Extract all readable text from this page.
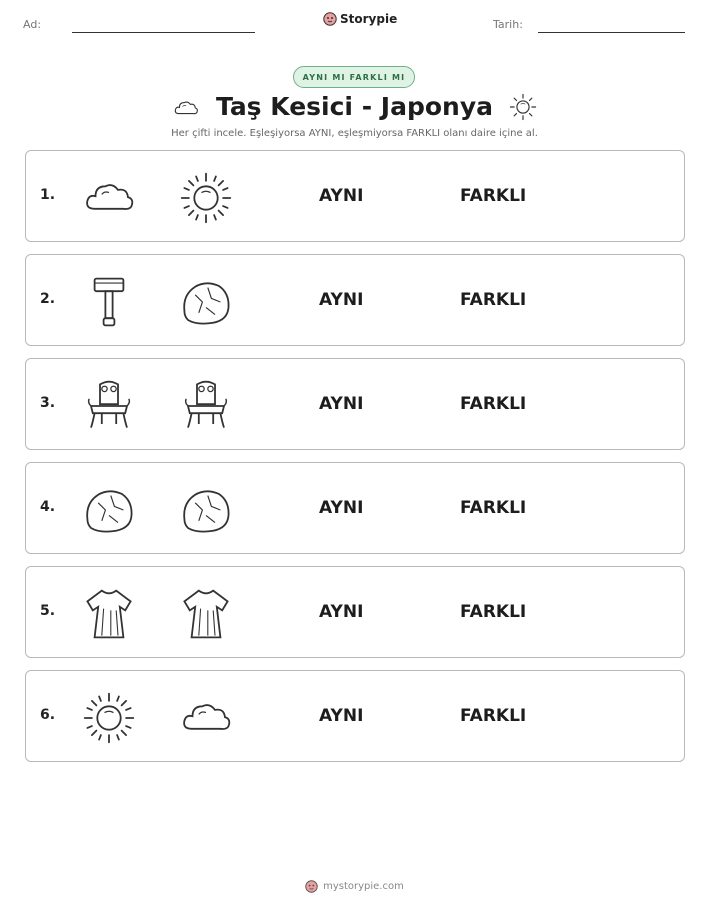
Ad:	Storypie	Tarih:
AYNI MI FARKLI MI
Taş Kesici - Japonya
Her çifti incele. Eşleşiyorsa AYNI, eşleşmiyorsa FARKLI olanı daire içine al.
1.	AYNI	FARKLI
2.	AYNI	FARKLI
3.	AYNI	FARKLI
4.	AYNI	FARKLI
5.	AYNI	FARKLI
6.	AYNI	FARKLI
mystorypie.com
